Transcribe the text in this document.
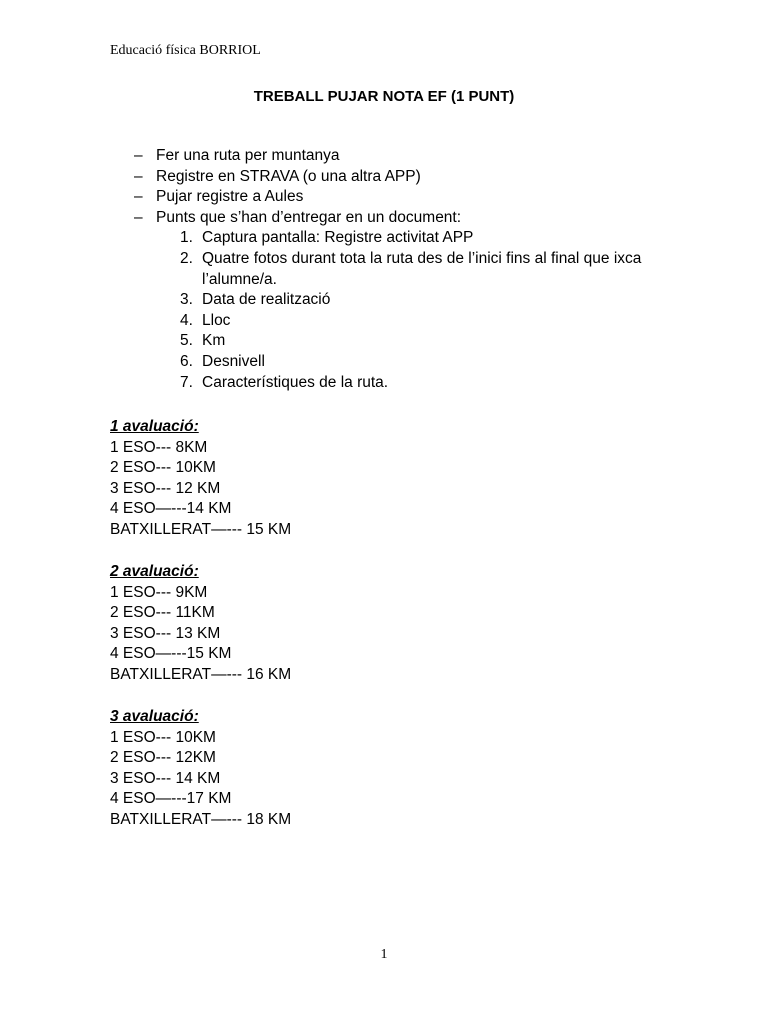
Educació física BORRIOL
TREBALL PUJAR NOTA EF (1 PUNT)
– Fer una ruta per muntanya
– Registre en STRAVA (o una altra APP)
– Pujar registre a Aules
– Punts que s’han d’entregar en un document:
1. Captura pantalla: Registre activitat APP
2. Quatre fotos durant tota la ruta des de l’inici fins al final que ixca l’alumne/a.
3. Data de realització
4. Lloc
5. Km
6. Desnivell
7. Característiques de la ruta.
1 avaluació:
1 ESO--- 8KM
2 ESO--- 10KM
3 ESO--- 12 KM
4 ESO—---14 KM
BATXILLERAT—--- 15 KM
2 avaluació:
1 ESO--- 9KM
2 ESO--- 11KM
3 ESO--- 13 KM
4 ESO—---15 KM
BATXILLERAT—--- 16 KM
3 avaluació:
1 ESO--- 10KM
2 ESO--- 12KM
3 ESO--- 14 KM
4 ESO—---17 KM
BATXILLERAT—--- 18 KM
1
